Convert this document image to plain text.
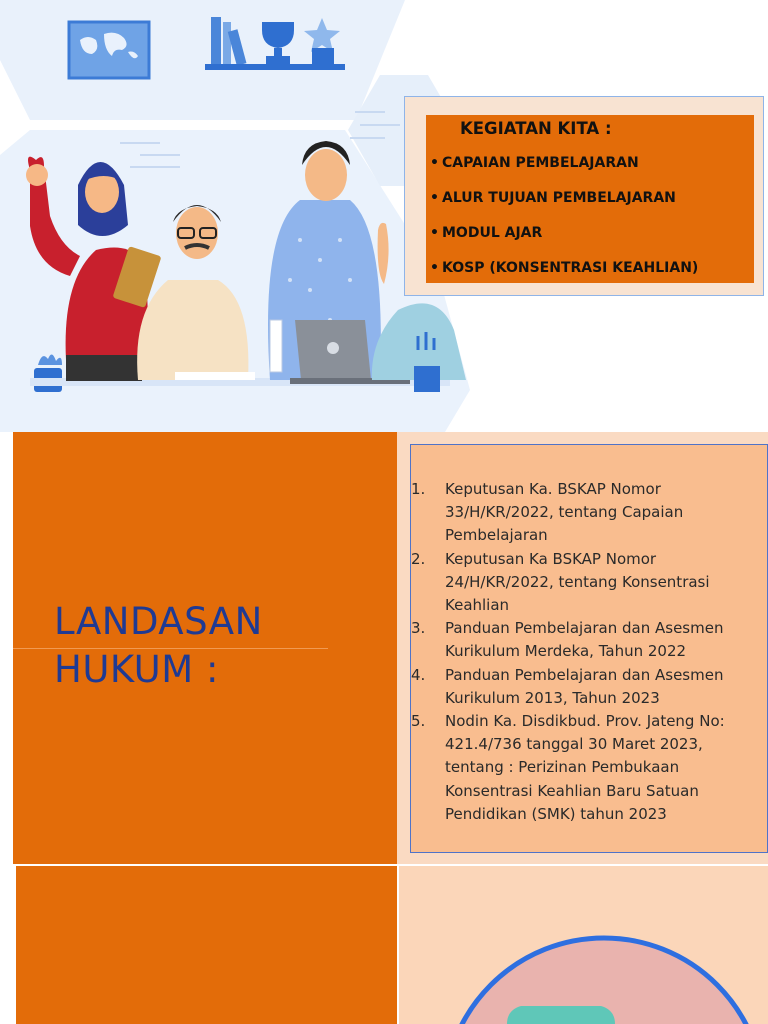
KEGIATAN KITA :
• CAPAIAN PEMBELAJARAN
• ALUR TUJUAN PEMBELAJARAN
• MODUL AJAR
• KOSP (KONSENTRASI KEAHLIAN)
LANDASAN
HUKUM :
1. Keputusan Ka. BSKAP Nomor
33/H/KR/2022, tentang Capaian
Pembelajaran
2. Keputusan Ka BSKAP Nomor
24/H/KR/2022, tentang Konsentrasi
Keahlian
3. Panduan Pembelajaran dan Asesmen
Kurikulum Merdeka, Tahun 2022
4. Panduan Pembelajaran dan Asesmen
Kurikulum 2013, Tahun 2023
5. Nodin Ka. Disdikbud. Prov. Jateng No:
421.4/736 tanggal 30 Maret 2023,
tentang : Perizinan Pembukaan
Konsentrasi Keahlian Baru Satuan
Pendidikan (SMK) tahun 2023
